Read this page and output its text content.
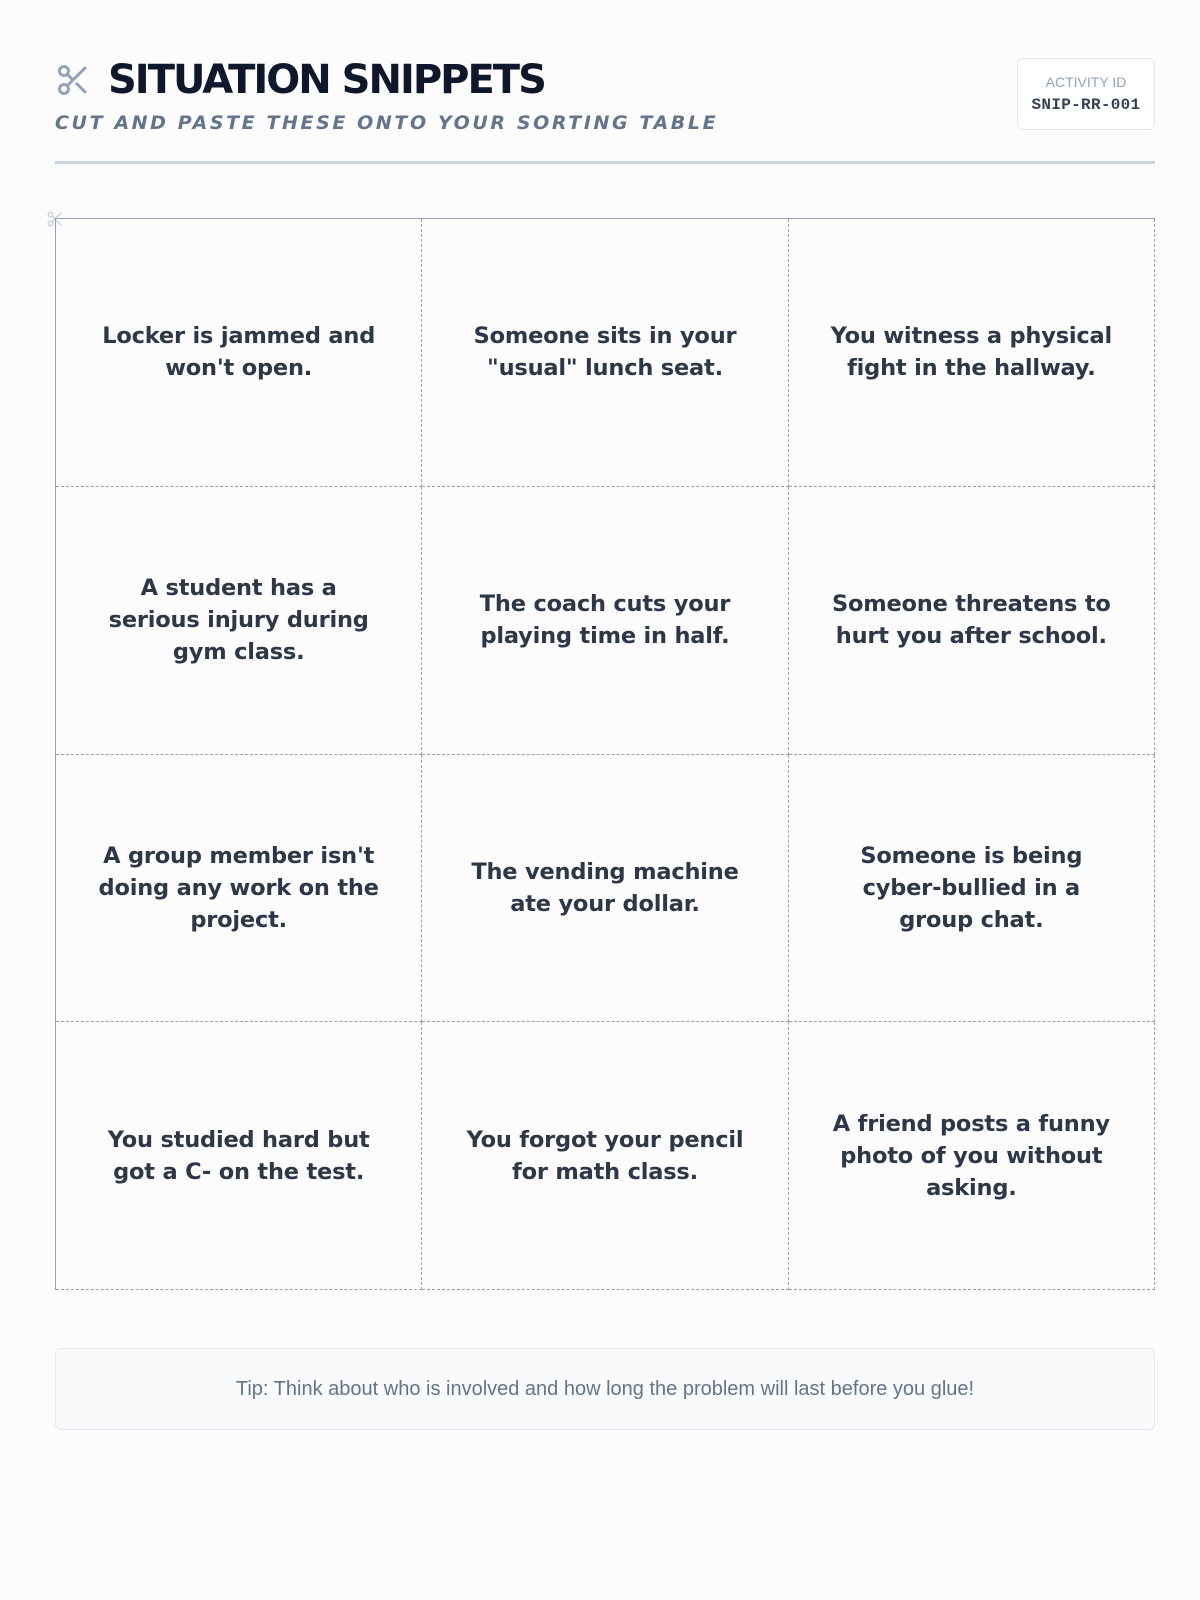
SITUATION SNIPPETS
CUT AND PASTE THESE ONTO YOUR SORTING TABLE
ACTIVITY ID
SNIP-RR-001
Locker is jammed and won't open.
Someone sits in your "usual" lunch seat.
You witness a physical fight in the hallway.
A student has a serious injury during gym class.
The coach cuts your playing time in half.
Someone threatens to hurt you after school.
A group member isn't doing any work on the project.
The vending machine ate your dollar.
Someone is being cyber-bullied in a group chat.
You studied hard but got a C- on the test.
You forgot your pencil for math class.
A friend posts a funny photo of you without asking.
Tip: Think about who is involved and how long the problem will last before you glue!
